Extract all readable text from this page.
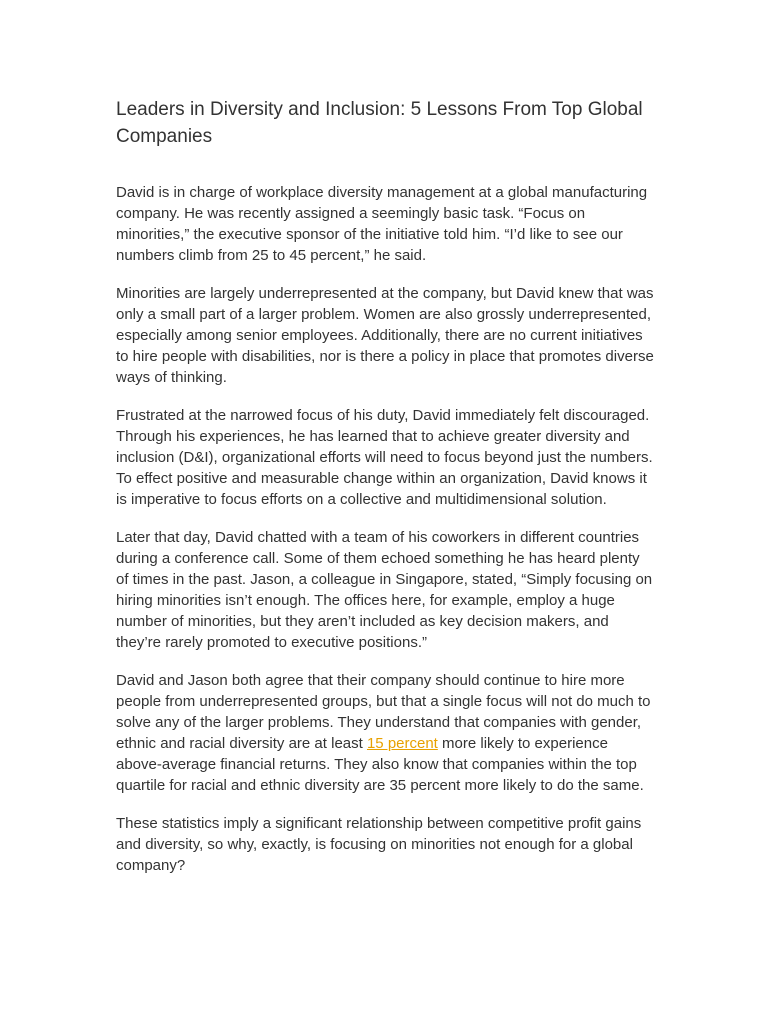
Leaders in Diversity and Inclusion: 5 Lessons From Top Global Companies

David is in charge of workplace diversity management at a global manufacturing company. He was recently assigned a seemingly basic task. “Focus on minorities,” the executive sponsor of the initiative told him. “I’d like to see our numbers climb from 25 to 45 percent,” he said.

Minorities are largely underrepresented at the company, but David knew that was only a small part of a larger problem. Women are also grossly underrepresented, especially among senior employees. Additionally, there are no current initiatives to hire people with disabilities, nor is there a policy in place that promotes diverse ways of thinking.

Frustrated at the narrowed focus of his duty, David immediately felt discouraged. Through his experiences, he has learned that to achieve greater diversity and inclusion (D&I), organizational efforts will need to focus beyond just the numbers. To effect positive and measurable change within an organization, David knows it is imperative to focus efforts on a collective and multidimensional solution.

Later that day, David chatted with a team of his coworkers in different countries during a conference call. Some of them echoed something he has heard plenty of times in the past. Jason, a colleague in Singapore, stated, “Simply focusing on hiring minorities isn’t enough. The offices here, for example, employ a huge number of minorities, but they aren’t included as key decision makers, and they’re rarely promoted to executive positions.”

David and Jason both agree that their company should continue to hire more people from underrepresented groups, but that a single focus will not do much to solve any of the larger problems. They understand that companies with gender, ethnic and racial diversity are at least 15 percent more likely to experience above-average financial returns. They also know that companies within the top quartile for racial and ethnic diversity are 35 percent more likely to do the same.

These statistics imply a significant relationship between competitive profit gains and diversity, so why, exactly, is focusing on minorities not enough for a global company?
